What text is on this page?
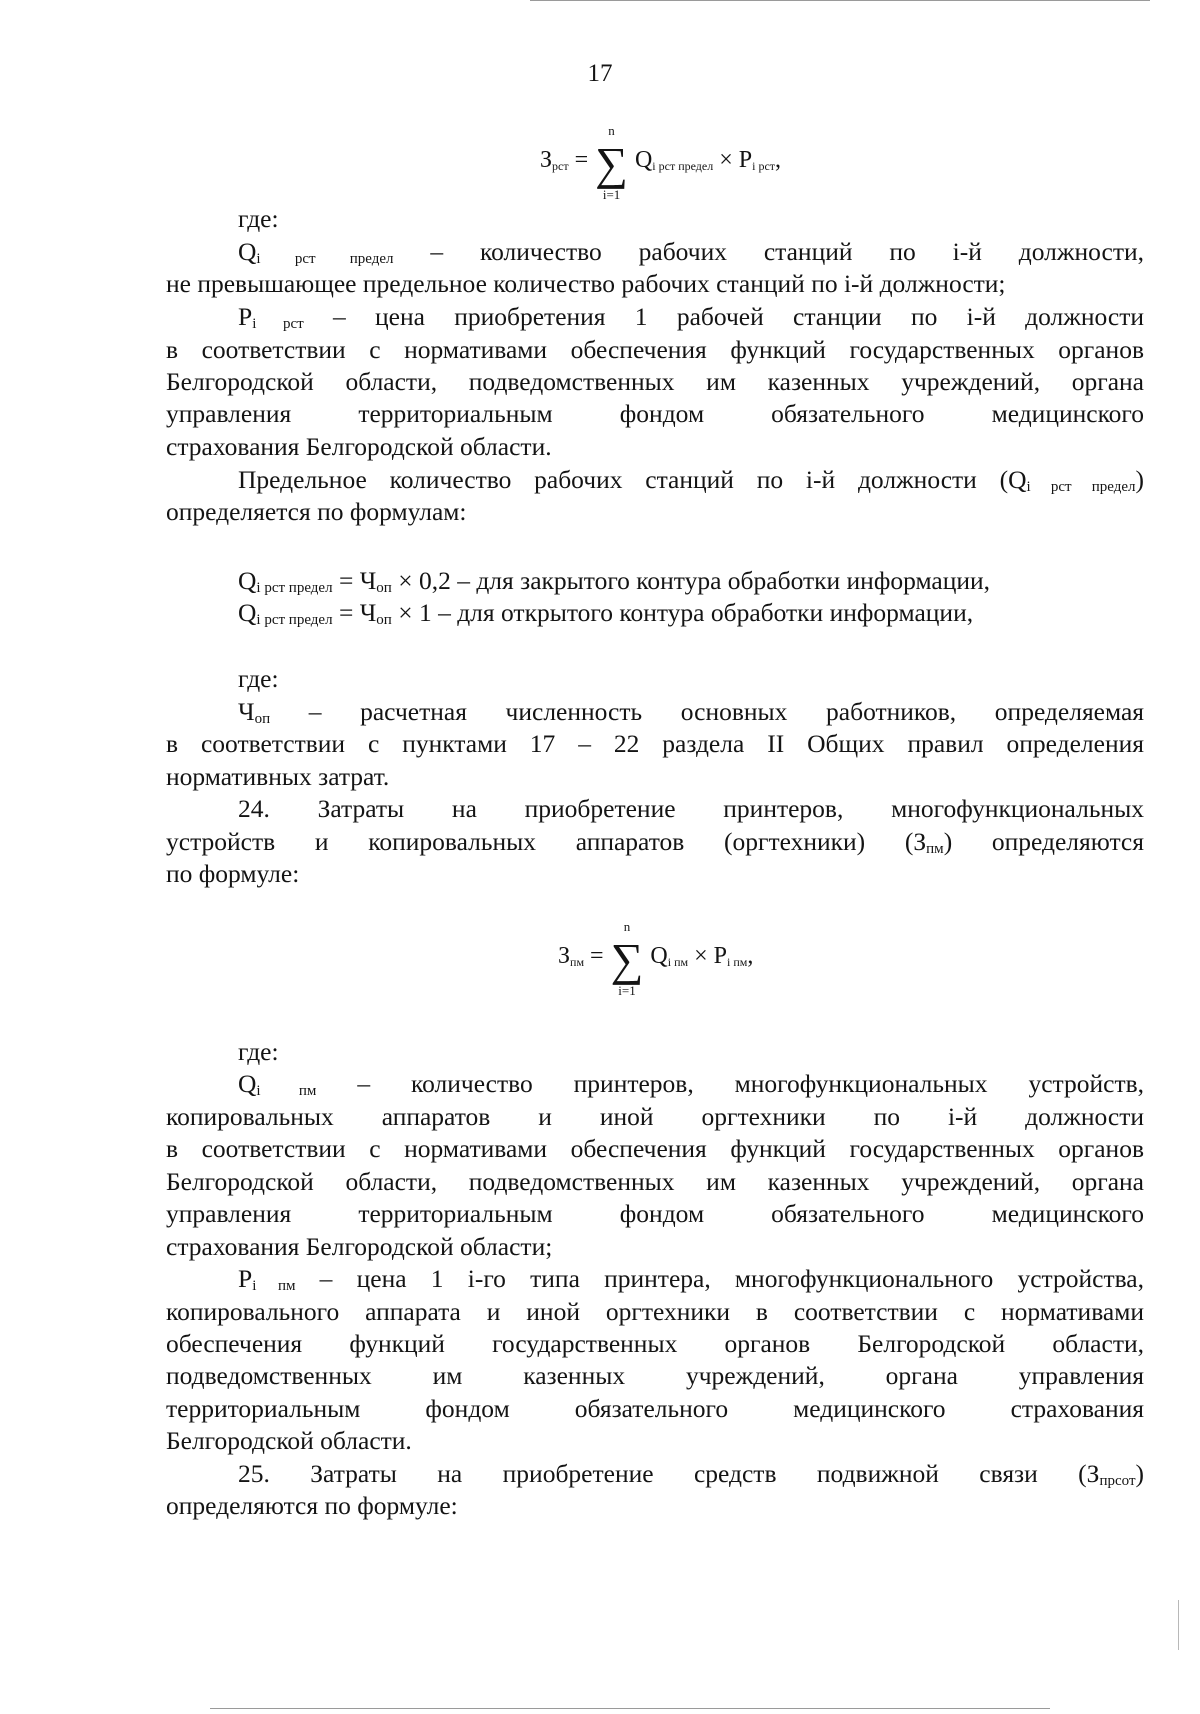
17
Зрст = ∑
n
i=1
Qi рст предел × Pi рст,
где:
Qi рст предел – количество рабочих станций по i-й должности,
не превышающее предельное количество рабочих станций по i-й должности;
Pi рст – цена приобретения 1 рабочей станции по i-й должности
в соответствии с нормативами обеспечения функций государственных органов
Белгородской области, подведомственных им казенных учреждений, органа
управления территориальным фондом обязательного медицинского
страхования Белгородской области.
Предельное количество рабочих станций по i-й должности (Qi рст предел)
определяется по формулам:
Qi рст предел = Чоп × 0,2 – для закрытого контура обработки информации,
Qi рст предел = Чоп × 1 – для открытого контура обработки информации,
где:
Чоп – расчетная численность основных работников, определяемая
в соответствии с пунктами 17 – 22 раздела II Общих правил определения
нормативных затрат.
24. Затраты на приобретение принтеров, многофункциональных
устройств и копировальных аппаратов (оргтехники) (Зпм) определяются
по формуле:
Зпм = ∑
n
i=1
Qi пм × Pi пм,
где:
Qi пм – количество принтеров, многофункциональных устройств,
копировальных аппаратов и иной оргтехники по i-й должности
в соответствии с нормативами обеспечения функций государственных органов
Белгородской области, подведомственных им казенных учреждений, органа
управления территориальным фондом обязательного медицинского
страхования Белгородской области;
Pi пм – цена 1 i-го типа принтера, многофункционального устройства,
копировального аппарата и иной оргтехники в соответствии с нормативами
обеспечения функций государственных органов Белгородской области,
подведомственных им казенных учреждений, органа управления
территориальным фондом обязательного медицинского страхования
Белгородской области.
25. Затраты на приобретение средств подвижной связи (Зпрсот)
определяются по формуле:
